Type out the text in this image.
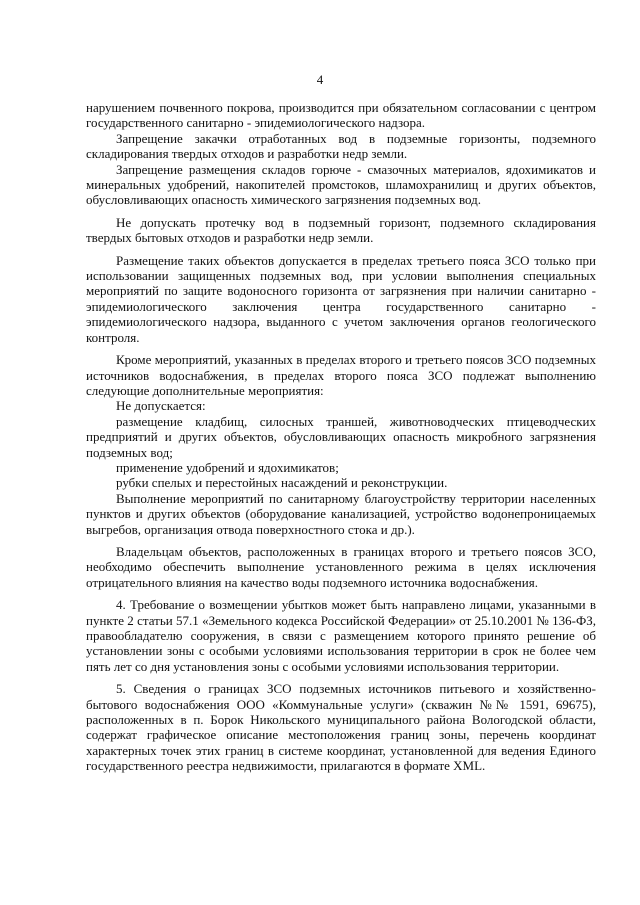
4

нарушением почвенного покрова, производится при обязательном согласовании с центром государственного санитарно - эпидемиологического надзора.

Запрещение закачки отработанных вод в подземные горизонты, подземного складирования твердых отходов и разработки недр земли.

Запрещение размещения складов горюче - смазочных материалов, ядохимикатов и минеральных удобрений, накопителей промстоков, шламохранилищ и других объектов, обусловливающих опасность химического загрязнения подземных вод.

Не допускать протечку вод в подземный горизонт, подземного складирования твердых бытовых отходов и разработки недр земли.

Размещение таких объектов допускается в пределах третьего пояса ЗСО только при использовании защищенных подземных вод, при условии выполнения специальных мероприятий по защите водоносного горизонта от загрязнения при наличии санитарно - эпидемиологического заключения центра государственного санитарно - эпидемиологического надзора, выданного с учетом заключения органов геологического контроля.

Кроме мероприятий, указанных в пределах второго и третьего поясов ЗСО подземных источников водоснабжения, в пределах второго пояса ЗСО подлежат выполнению следующие дополнительные мероприятия:

Не допускается:

размещение кладбищ, силосных траншей, животноводческих птицеводческих предприятий и других объектов, обусловливающих опасность микробного загрязнения подземных вод;

применение удобрений и ядохимикатов;

рубки спелых и перестойных насаждений и реконструкции.

Выполнение мероприятий по санитарному благоустройству территории населенных пунктов и других объектов (оборудование канализацией, устройство водонепроницаемых выгребов, организация отвода поверхностного стока и др.).

Владельцам объектов, расположенных в границах второго и третьего поясов ЗСО, необходимо обеспечить выполнение установленного режима в целях исключения отрицательного влияния на качество воды подземного источника водоснабжения.

4. Требование о возмещении убытков может быть направлено лицами, указанными в пункте 2 статьи 57.1 «Земельного кодекса Российской Федерации» от 25.10.2001 № 136-ФЗ, правообладателю сооружения, в связи с размещением которого принято решение об установлении зоны с особыми условиями использования территории в срок не более чем пять лет со дня установления зоны с особыми условиями использования территории.

5. Сведения о границах ЗСО подземных источников питьевого и хозяйственно-бытового водоснабжения ООО «Коммунальные услуги» (скважин №№ 1591, 69675), расположенных в п. Борок Никольского муниципального района Вологодской области, содержат графическое описание местоположения границ зоны, перечень координат характерных точек этих границ в системе координат, установленной для ведения Единого государственного реестра недвижимости, прилагаются в формате XML.
